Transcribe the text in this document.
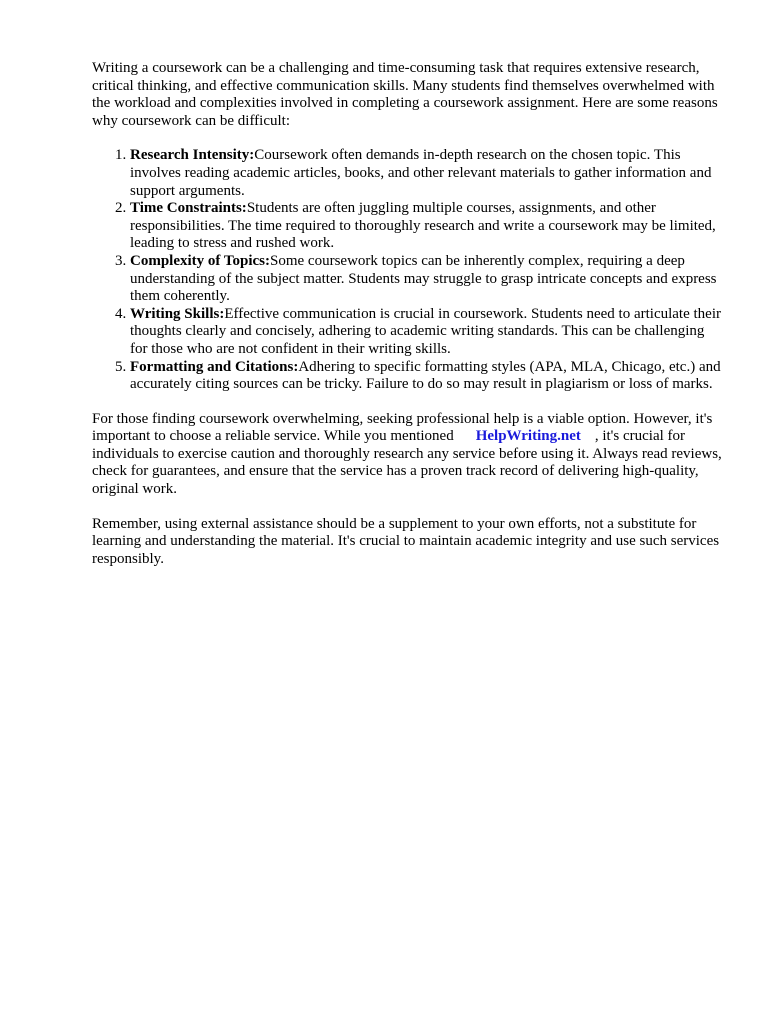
Writing a coursework can be a challenging and time-consuming task that requires extensive research, critical thinking, and effective communication skills. Many students find themselves overwhelmed with the workload and complexities involved in completing a coursework assignment. Here are some reasons why coursework can be difficult:

1. Research Intensity:Coursework often demands in-depth research on the chosen topic. This involves reading academic articles, books, and other relevant materials to gather information and support arguments.
2. Time Constraints:Students are often juggling multiple courses, assignments, and other responsibilities. The time required to thoroughly research and write a coursework may be limited, leading to stress and rushed work.
3. Complexity of Topics:Some coursework topics can be inherently complex, requiring a deep understanding of the subject matter. Students may struggle to grasp intricate concepts and express them coherently.
4. Writing Skills:Effective communication is crucial in coursework. Students need to articulate their thoughts clearly and concisely, adhering to academic writing standards. This can be challenging for those who are not confident in their writing skills.
5. Formatting and Citations:Adhering to specific formatting styles (APA, MLA, Chicago, etc.) and accurately citing sources can be tricky. Failure to do so may result in plagiarism or loss of marks.

For those finding coursework overwhelming, seeking professional help is a viable option. However, it's important to choose a reliable service. While you mentioned HelpWriting.net , it's crucial for individuals to exercise caution and thoroughly research any service before using it. Always read reviews, check for guarantees, and ensure that the service has a proven track record of delivering high-quality, original work.

Remember, using external assistance should be a supplement to your own efforts, not a substitute for learning and understanding the material. It's crucial to maintain academic integrity and use such services responsibly.
